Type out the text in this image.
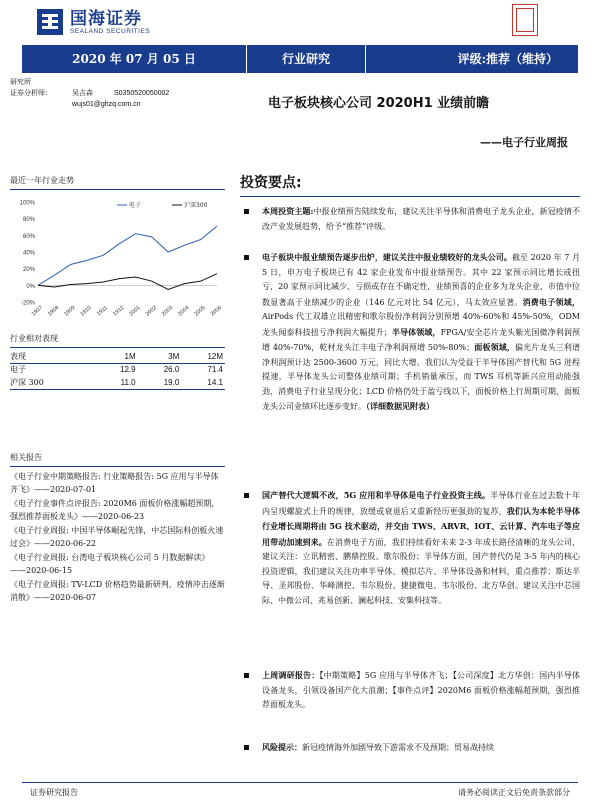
国海证券
SEALAND SECURITIES
2020 年 07 月 05 日	行业研究	评级:推荐（维持）
研究所
证券分析师:	吴吉森	S0350520050002
wujs01@ghzq.com.cn	电子板块核心公司 2020H1 业绩前瞻
——电子行业周报
最近一年行业走势
100%
80%
60%
40%
20%
0%
-20%
1907 1908 1909 1910 1911 1912 2001 2002 2003 2004 2005 2006
电子	沪深300
行业相对表现
表现	1M	3M	12M
电子	12.9	26.0	71.4
沪深 300	11.0	19.0	14.1
相关报告
《电子行业中期策略报告: 行业策略报告: 5G 应用与半导体齐飞》——2020-07-01
《电子行业事件点评报告: 2020M6 面板价格涨幅超预期，强烈推荐面板龙头》——2020-06-23
《电子行业周报: 中国半导体崛起先锋，中芯国际科创板火速过会》——2020-06-22
《电子行业周报: 台湾电子板块核心公司 5 月数据解读》——2020-06-15
《电子行业周报: TV-LCD 价格趋势最新研判，疫情冲击逐渐消散》——2020-06-07
投资要点:
本周投资主题:中报业绩预告陆续发布，建议关注半导体和消费电子龙头企业，新冠疫情不改产业发展趋势，给予“推荐”评级。
电子板块中报业绩预告逐步出炉，建议关注中报业绩较好的龙头公司。截至 2020 年 7 月 5 日，申万电子板块已有 42 家企业发布中报业绩预告。其中 22 家预示同比增长或扭亏，20 家预示同比减少、亏损或存在不确定性，业绩预喜的企业多为龙头企业，市值中位数显著高于业绩减少的企业（146 亿元对比 54 亿元），马太效应显著。消费电子领域，AirPods 代工双雄立讯精密和歌尔股份净利润分别预增 40%-60%和 45%-50%，ODM 龙头闻泰科技扭亏净利润大幅提升；半导体领域，FPGA/安全芯片龙头紫光国微净利润预增 40%-70%，乾材龙头江丰电子净利润预增 50%-80%；面板领域，偏光片龙头三利谱净利润预计达 2500-3600 万元，同比大增。我们认为受益于半导体国产替代和 5G 进程提速，半导体龙头公司整体业绩可期；手机销量承压，而 TWS 耳机等新兴应用动能强劲，消费电子行业呈现分化；LCD 价格仍处于盈亏线以下，面板价格上行周期可期，面板龙头公司业绩环比逐步变好。（详细数据见附表）
国产替代大逻辑不改，5G 应用和半导体是电子行业投资主线。半导体行业在过去数十年内呈现螺旋式上升的规律，放缓或衰退后又重新经历更强劲的复苏，我们认为本轮半导体行业增长周期将由 5G 技术驱动，并交由 TWS、ARVR、IOT、云计算、汽车电子等应用带动加速到来。在消费电子方面，我们持续看好未来 2-3 年成长路径清晰的龙头公司，建议关注：立讯精密、鹏鼎控股、歌尔股份；半导体方面，国产替代仍是 3-5 年内的核心投资逻辑，我们建议关注功率半导体、模拟芯片、半导体设备和材料，重点推荐：斯达半导、圣邦股份、华峰测控、韦尔股份、捷捷微电、韦尔股份、北方华创。建议关注中芯国际、中微公司、兆易创新、澜起科技、安集科技等。
上周调研报告：【中期策略】5G 应用与半导体齐飞；【公司深度】北方华创：国内半导体设备龙头，引领设备国产化大浪潮；【事件点评】2020M6 面板价格涨幅超预期，强烈推荐面板龙头。
风险提示：新冠疫情海外加剧导致下游需求不及预期；贸易战持续
证券研究报告	请务必阅读正文后免责条款部分
